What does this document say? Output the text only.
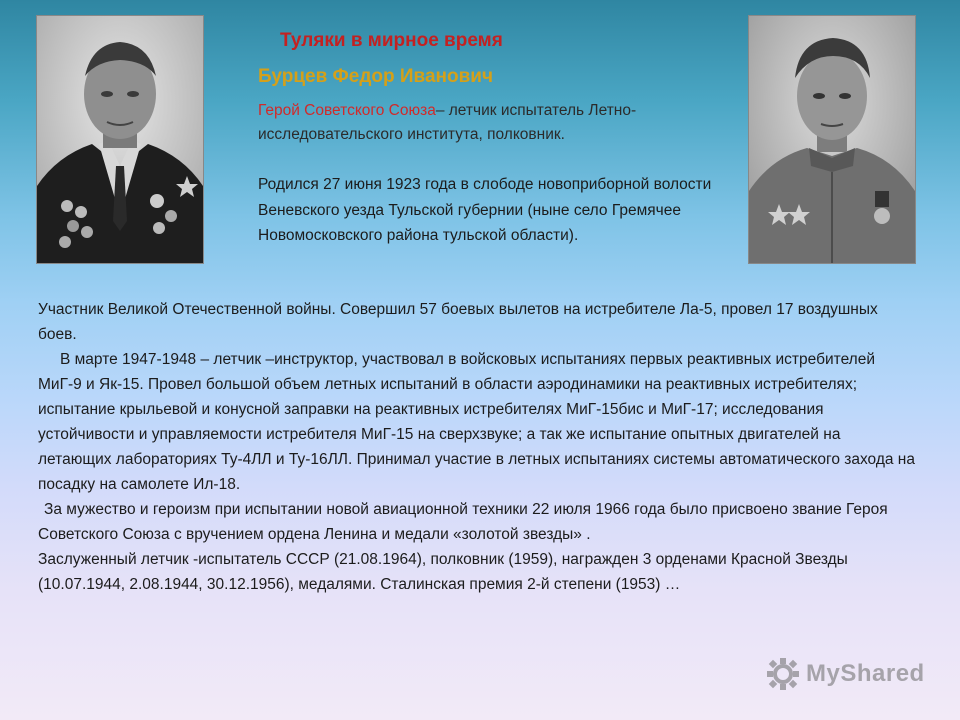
Туляки в мирное время
Бурцев Федор Иванович
Герой Советского Союза– летчик испытатель Летно-исследовательского института, полковник.
Родился 27 июня 1923 года в слободе новоприборной волости Веневского уезда Тульской губернии (ныне село Гремячее Новомосковского района тульской области).

Участник Великой Отечественной войны. Совершил 57 боевых вылетов на истребителе Ла-5, провел 17 воздушных боев.

В марте 1947-1948 – летчик –инструктор, участвовал в войсковых испытаниях первых реактивных истребителей МиГ-9 и Як-15. Провел большой объем летных испытаний в области аэродинамики на реактивных истребителях; испытание крыльевой и конусной заправки на реактивных истребителях МиГ-15бис и МиГ-17; исследования устойчивости и управляемости истребителя МиГ-15 на сверхзвуке; а так же испытание опытных двигателей на летающих лабораториях Ту-4ЛЛ и Ту-16ЛЛ. Принимал участие в летных испытаниях системы автоматического захода на посадку на самолете Ил-18.

За мужество и героизм при испытании новой авиационной техники 22 июля 1966 года было присвоено звание Героя Советского Союза с вручением ордена Ленина и медали «золотой звезды» .

Заслуженный летчик -испытатель СССР (21.08.1964), полковник (1959), награжден 3 орденами Красной Звезды (10.07.1944, 2.08.1944, 30.12.1956), медалями. Сталинская премия 2-й степени (1953) …

MyShared
